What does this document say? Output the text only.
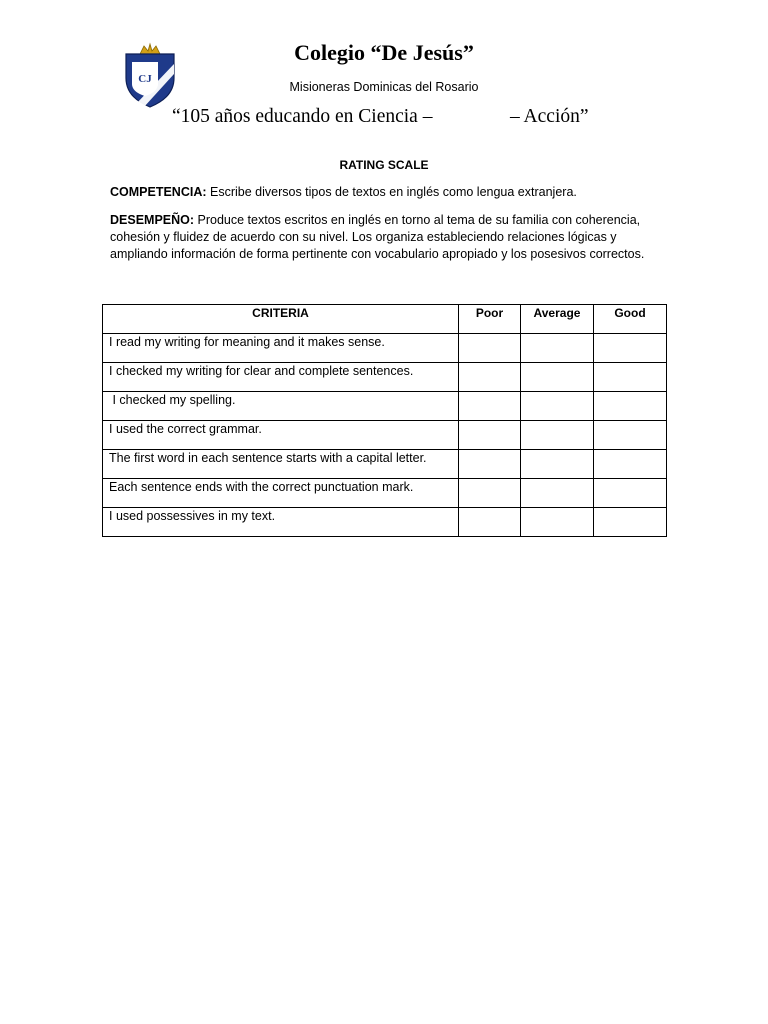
CJ
Colegio “De Jesús”
Misioneras Dominicas del Rosario
“105 años educando en Ciencia –	– Acción”
RATING SCALE
COMPETENCIA: Escribe diversos tipos de textos en inglés como lengua extranjera.
DESEMPEÑO: Produce textos escritos en inglés en torno al tema de su familia con coherencia, cohesión y fluidez de acuerdo con su nivel. Los organiza estableciendo relaciones lógicas y ampliando información de forma pertinente con vocabulario apropiado y los posesivos correctos.
CRITERIA	Poor	Average	Good
I read my writing for meaning and it makes sense.			
I checked my writing for clear and complete sentences.			
I checked my spelling.			
I used the correct grammar.			
The first word in each sentence starts with a capital letter.			
Each sentence ends with the correct punctuation mark.			
I used possessives in my text.			
